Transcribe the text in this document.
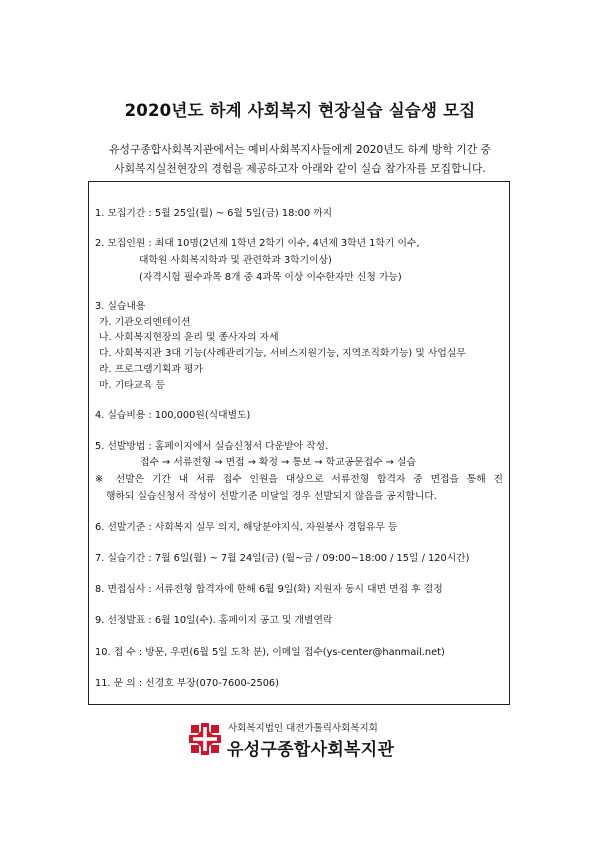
2020년도 하계 사회복지 현장실습 실습생 모집
유성구종합사회복지관에서는 예비사회복지사들에게 2020년도 하계 방학 기간 중
사회복지실천현장의 경험을 제공하고자 아래와 같이 실습 참가자를 모집합니다.
1. 모집기간 : 5월 25일(월) ~ 6월 5일(금) 18:00 까지
2. 모집인원 : 최대 10명(2년제 1학년 2학기 이수, 4년제 3학년 1학기 이수,
대학원 사회복지학과 및 관련학과 3학기이상)
(자격시험 필수과목 8개 중 4과목 이상 이수한자만 신청 가능)
3. 실습내용
가. 기관오리엔테이션
나. 사회복지현장의 윤리 및 종사자의 자세
다. 사회복지관 3대 기능(사례관리기능, 서비스지원기능, 지역조직화기능) 및 사업실무
라. 프로그램기획과 평가
마. 기타교육 등
4. 실습비용 : 100,000원(식대별도)
5. 선발방법 : 홈페이지에서 실습신청서 다운받아 작성.
접수 → 서류전형 → 면접 → 확정 → 통보 → 학교공문접수 → 실습
※ 선발은 기간 내 서류 접수 인원을 대상으로 서류전형 합격자 중 면접을 통해 진
행하되 실습신청서 작성이 선발기준 미달일 경우 선발되지 않음을 공지합니다.
6. 선발기준 : 사회복지 실무 의지, 해당분야지식, 자원봉사 경험유무 등
7. 실습기간 : 7월 6일(월) ~ 7월 24일(금) (월~금 / 09:00~18:00 / 15일 / 120시간)
8. 면접심사 : 서류전형 합격자에 한해 6월 9일(화) 지원자 동시 대면 면접 후 결정
9. 선정발표 : 6월 10일(수). 홈페이지 공고 및 개별연락
10. 접 수 : 방문, 우편(6월 5일 도착 분), 이메일 접수(ys-center@hanmail.net)
11. 문 의 : 신경호 부장(070-7600-2506)
사회복지법인 대전가톨릭사회복지회
유성구종합사회복지관
